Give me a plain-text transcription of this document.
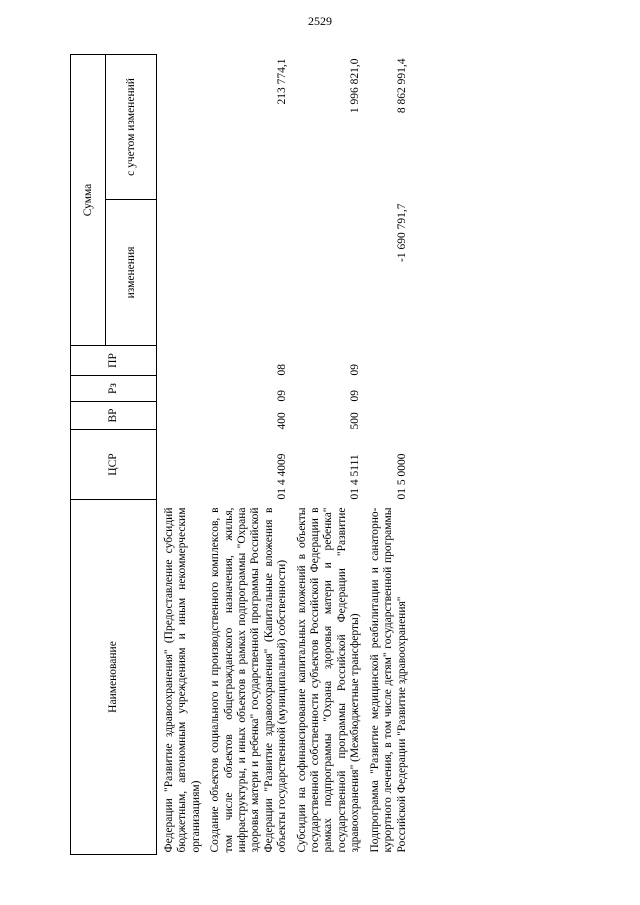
2529
Наименование	ЦСР	ВР	Рз	ПР	Сумма	
					изменения	с учетом изменений
Федерации "Развитие здравоохранения" (Предоставление субсидий бюджетным, автономным учреждениям и иным некоммерческим организациям)						
Создание объектов социального и производственного комплексов, в том числе объектов общегражданского назначения, жилья, инфраструктуры, и иных объектов в рамках подпрограммы "Охрана здоровья матери и ребенка" государственной программы Российской Федерации "Развитие здравоохранения" (Капитальные вложения в объекты государственной (муниципальной) собственности)	01 4 4009	400	09	08		213 774,1
Субсидии на софинансирование капитальных вложений в объекты государственной собственности субъектов Российской Федерации в рамках подпрограммы "Охрана здоровья матери и ребенка" государственной программы Российской Федерации "Развитие здравоохранения" (Межбюджетные трансферты)	01 4 5111	500	09	09		1 996 821,0
Подпрограмма "Развитие медицинской реабилитации и санаторно-курортного лечения, в том числе детям" государственной программы Российской Федерации "Развитие здравоохранения"	01 5 0000				-1 690 791,7	8 862 991,4
